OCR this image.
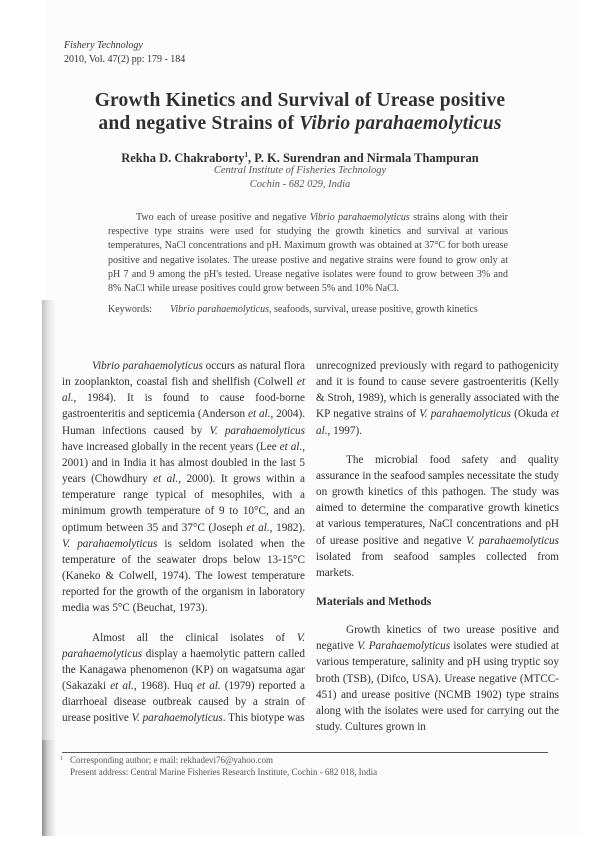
Fishery Technology
2010, Vol. 47(2) pp: 179 - 184
Growth Kinetics and Survival of Urease positive
and negative Strains of Vibrio parahaemolyticus
Rekha D. Chakraborty$^1$, P. K. Surendran and Nirmala Thampuran
Central Institute of Fisheries Technology
Cochin - 682 029, India
Two each of urease positive and negative Vibrio parahaemolyticus strains along with their respective type strains were used for studying the growth kinetics and survival at various temperatures, NaCl concentrations and pH. Maximum growth was obtained at 37°C for both urease positive and negative isolates. The urease postive and negative strains were found to grow only at pH 7 and 9 among the pH's tested. Urease negative isolates were found to grow between 3% and 8% NaCl while urease positives could grow between 5% and 10% NaCl.
Keywords:	Vibrio parahaemolyticus, seafoods, survival, urease positive, growth kinetics

Vibrio parahaemolyticus occurs as natural flora in zooplankton, coastal fish and shellfish (Colwell et al., 1984). It is found to cause food-borne gastroenteritis and septicemia (Anderson et al., 2004). Human infections caused by V. parahaemolyticus have increased globally in the recent years (Lee et al., 2001) and in India it has almost doubled in the last 5 years (Chowdhury et al., 2000). It grows within a temperature range typical of mesophiles, with a minimum growth temperature of 9 to 10°C, and an optimum between 35 and 37°C (Joseph et al., 1982). V. parahaemolyticus is seldom isolated when the temperature of the seawater drops below 13-15°C (Kaneko & Colwell, 1974). The lowest temperature reported for the growth of the organism in laboratory media was 5°C (Beuchat, 1973).

Almost all the clinical isolates of V. parahaemolyticus display a haemolytic pattern called the Kanagawa phenomenon (KP) on wagatsuma agar (Sakazaki et al., 1968). Huq et al. (1979) reported a diarrhoeal disease outbreak caused by a strain of urease positive V. parahaemolyticus. This biotype was

unrecognized previously with regard to pathogenicity and it is found to cause severe gastroenteritis (Kelly & Stroh, 1989), which is generally associated with the KP negative strains of V. parahaemolyticus (Okuda et al., 1997).

The microbial food safety and quality assurance in the seafood samples necessitate the study on growth kinetics of this pathogen. The study was aimed to determine the comparative growth kinetics at various temperatures, NaCl concentrations and pH of urease positive and negative V. parahaemolyticus isolated from seafood samples collected from markets.

Materials and Methods

Growth kinetics of two urease positive and negative V. Parahaemolyticus isolates were studied at various temperature, salinity and pH using tryptic soy broth (TSB), (Difco, USA). Urease negative (MTCC-451) and urease positive (NCMB 1902) type strains along with the isolates were used for carrying out the study. Cultures grown in

1 Corresponding author; e mail: rekhadevi76@yahoo.com
Present address: Central Marine Fisheries Research Institute, Cochin - 682 018, India
